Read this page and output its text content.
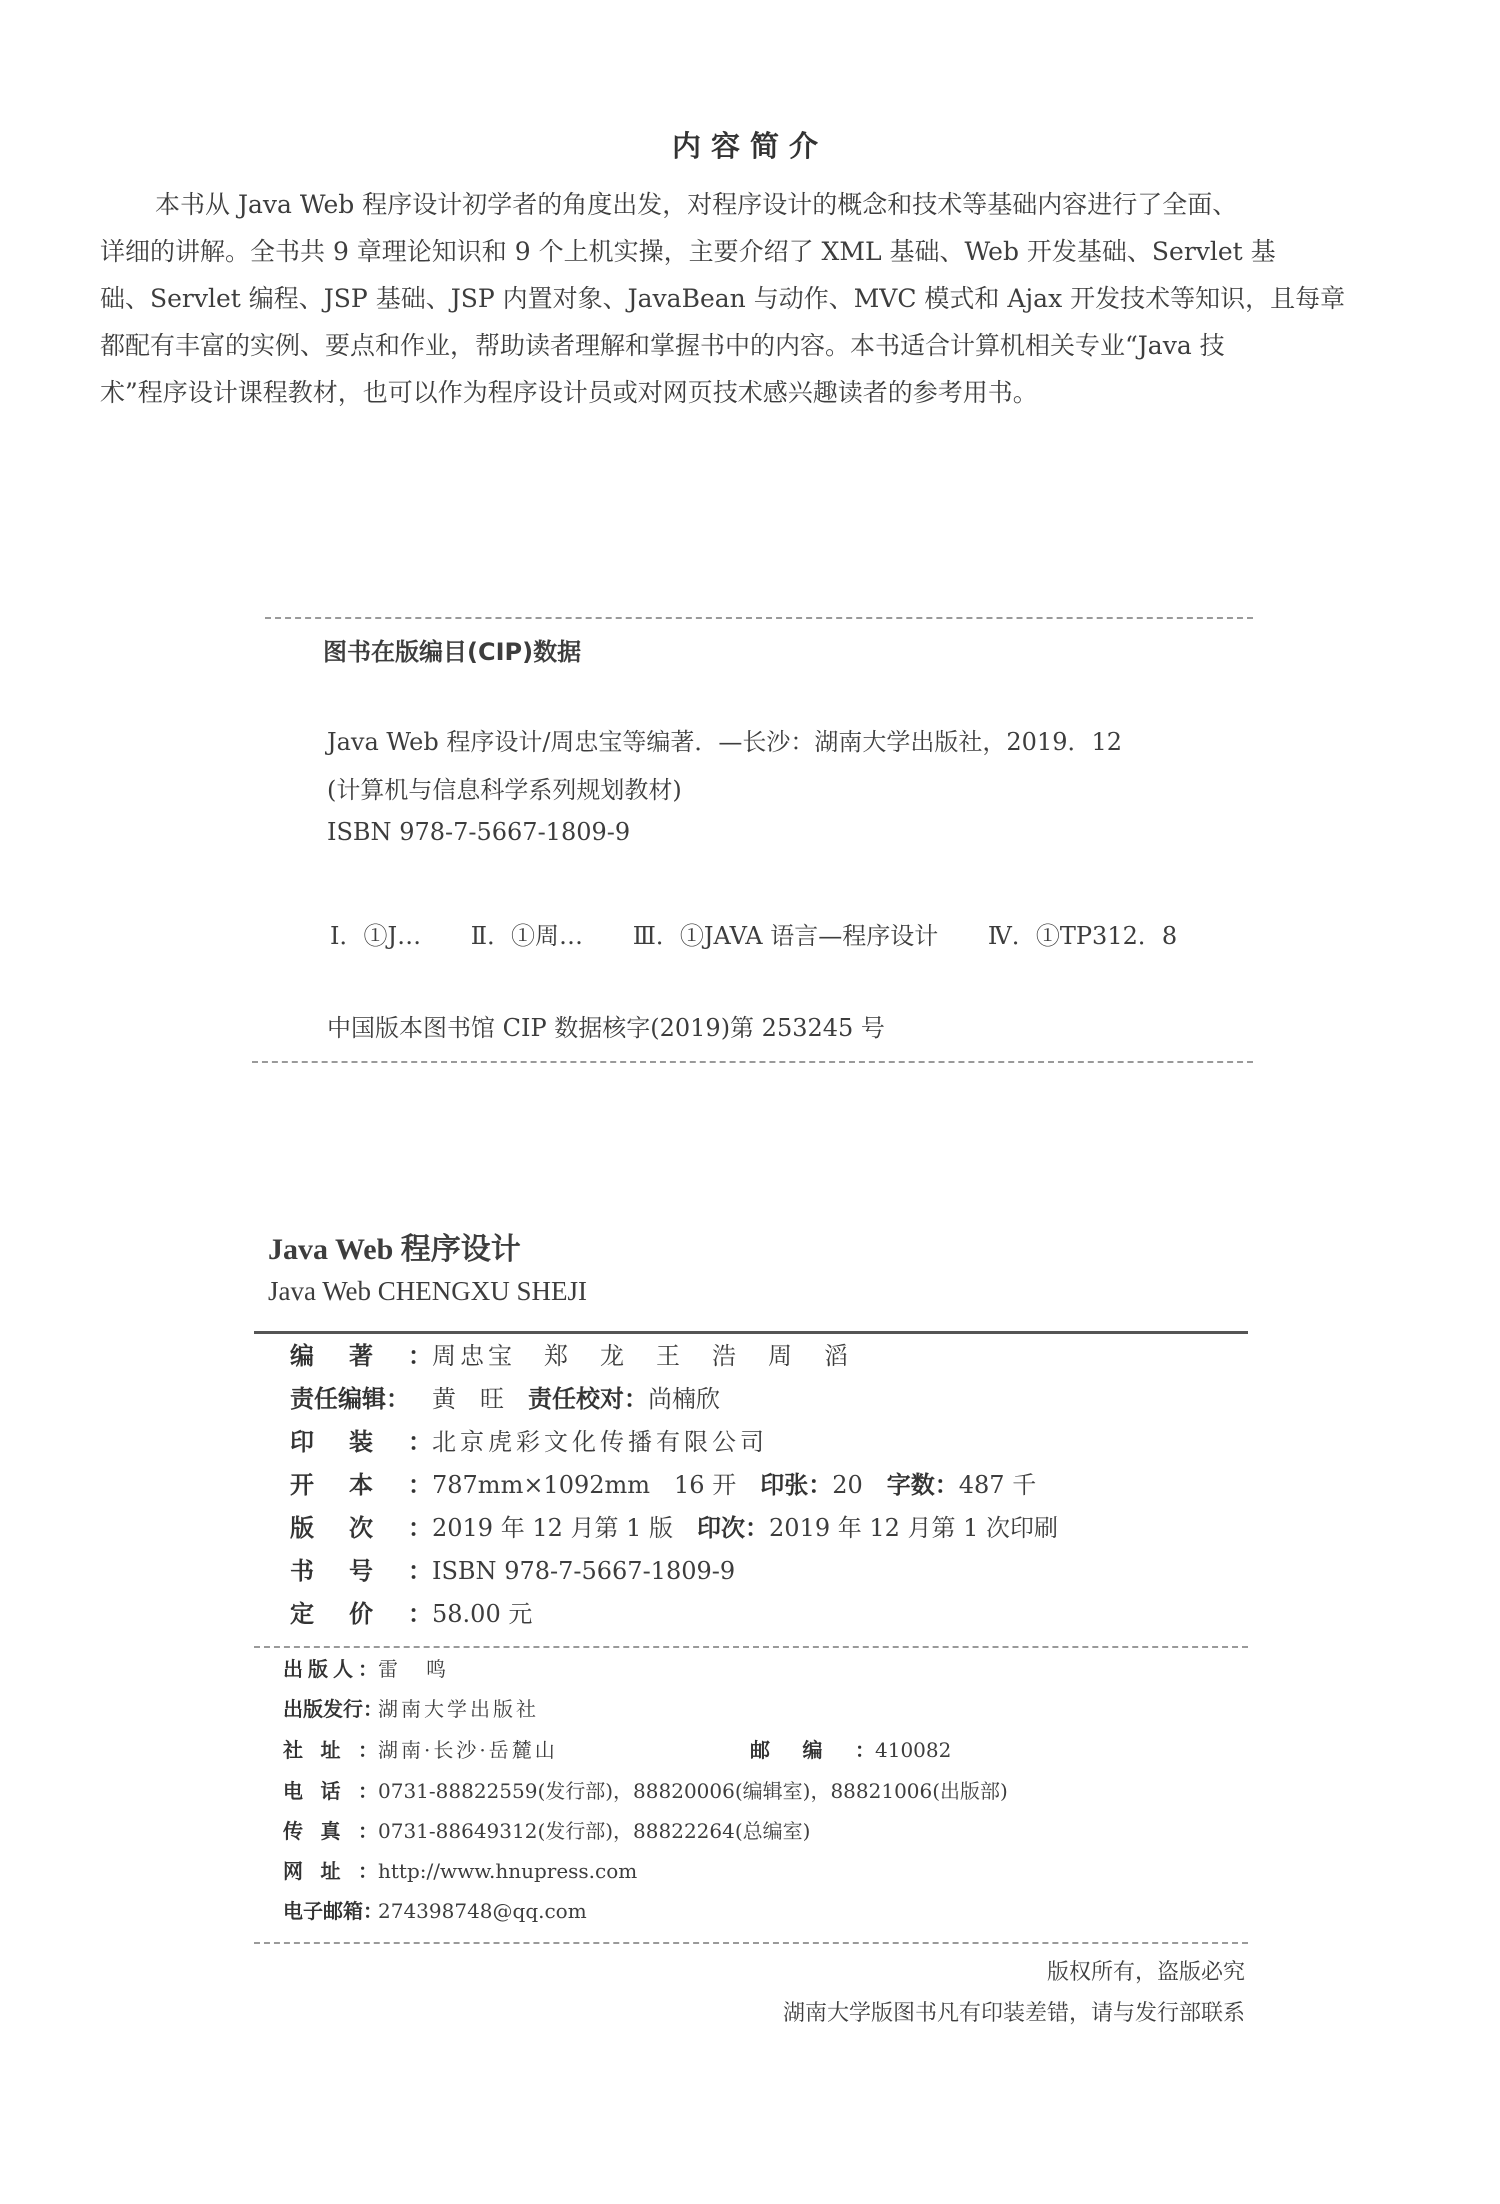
内容简介
本书从 Java Web 程序设计初学者的角度出发，对程序设计的概念和技术等基础内容进行了全面、
详细的讲解。全书共 9 章理论知识和 9 个上机实操，主要介绍了 XML 基础、Web 开发基础、Servlet 基
础、Servlet 编程、JSP 基础、JSP 内置对象、JavaBean 与动作、MVC 模式和 Ajax 开发技术等知识，且每章
都配有丰富的实例、要点和作业，帮助读者理解和掌握书中的内容。本书适合计算机相关专业“Java 技
术”程序设计课程教材，也可以作为程序设计员或对网页技术感兴趣读者的参考用书。
图书在版编目(CIP)数据
Java Web 程序设计/周忠宝等编著．—长沙：湖南大学出版社，2019．12
(计算机与信息科学系列规划教材)
ISBN 978-7-5667-1809-9
Ⅰ．①J… Ⅱ．①周… Ⅲ．①JAVA 语言—程序设计 Ⅳ．①TP312．8
中国版本图书馆 CIP 数据核字(2019)第 253245 号
Java Web 程序设计
Java Web CHENGXU SHEJI
编著：周忠宝　郑　龙　王　浩　周　滔
责任编辑： 黄　旺 责任校对：尚楠欣
印装：北京虎彩文化传播有限公司
开本：787mm×1092mm　16 开 印张：20 字数：487 千
版次：2019 年 12 月第 1 版 印次：2019 年 12 月第 1 次印刷
书号：ISBN 978-7-5667-1809-9
定价：58.00 元
出版人：雷　鸣
出版发行：湖南大学出版社
社址：湖南·长沙·岳麓山	邮编：410082
电话：0731-88822559(发行部)，88820006(编辑室)，88821006(出版部)
传真：0731-88649312(发行部)，88822264(总编室)
网址：http://www.hnupress.com
电子邮箱：274398748@qq.com
版权所有，盗版必究
湖南大学版图书凡有印装差错，请与发行部联系
